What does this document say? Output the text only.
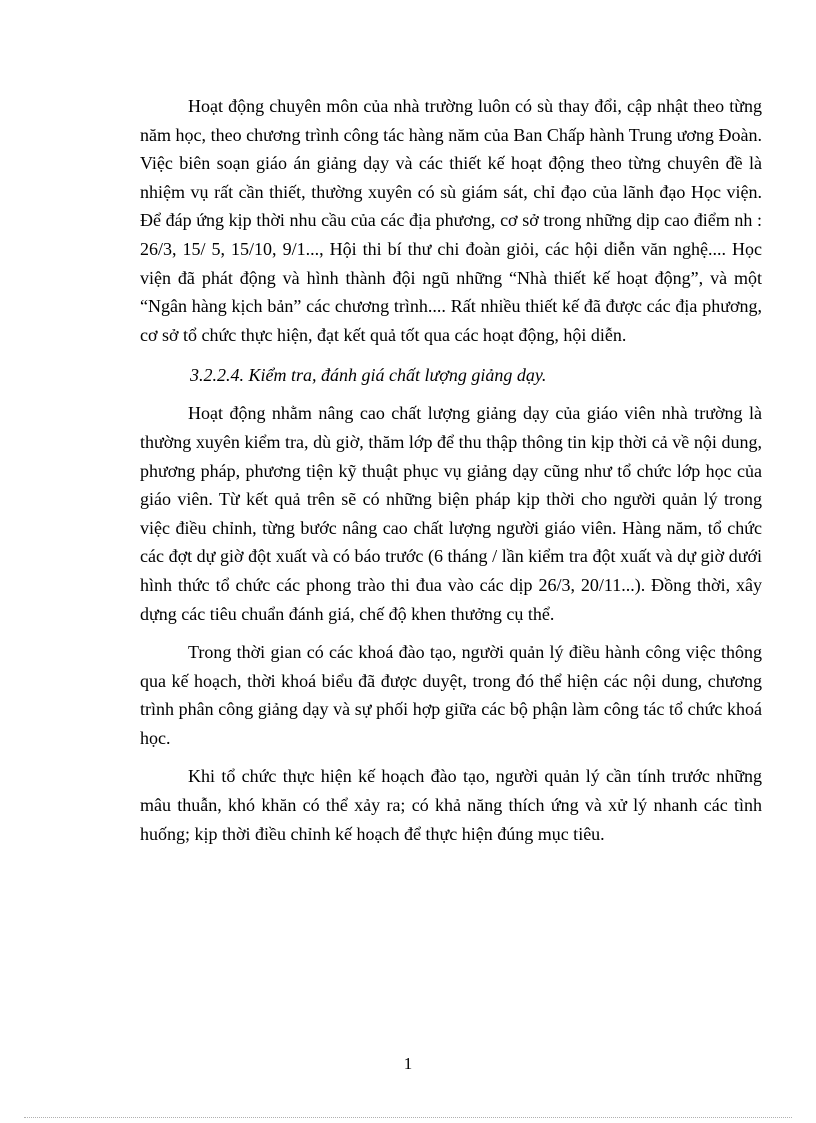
Hoạt động chuyên môn của nhà trường luôn có sù thay đổi, cập nhật theo từng năm học, theo chương trình công tác hàng năm của Ban Chấp hành Trung ương Đoàn. Việc biên soạn giáo án giảng dạy và các thiết kế hoạt động theo từng chuyên đề là nhiệm vụ rất cần thiết, thường xuyên có sù giám sát, chỉ đạo của lãnh đạo Học viện. Để đáp ứng kịp thời nhu cầu của các địa phương, cơ sở trong những dịp cao điểm nh : 26/3, 15/ 5, 15/10, 9/1..., Hội thi bí thư chi đoàn giỏi, các hội diễn văn nghệ.... Học viện đã phát động và hình thành đội ngũ những “Nhà thiết kế hoạt động”, và một “Ngân hàng kịch bản” các chương trình.... Rất nhiều thiết kế đã được các địa phương, cơ sở tổ chức thực hiện, đạt kết quả tốt qua các hoạt động, hội diễn.

3.2.2.4. Kiểm tra, đánh giá chất lượng giảng dạy.

Hoạt động nhằm nâng cao chất lượng giảng dạy của giáo viên nhà trường là thường xuyên kiểm tra, dù giờ, thăm lớp để thu thập thông tin kịp thời cả về nội dung, phương pháp, phương tiện kỹ thuật phục vụ giảng dạy cũng như tổ chức lớp học của giáo viên. Từ kết quả trên sẽ có những biện pháp kịp thời cho người quản lý trong việc điều chỉnh, từng bước nâng cao chất lượng người giáo viên. Hàng năm, tổ chức các đợt dự giờ đột xuất và có báo trước (6 tháng / lần kiểm tra đột xuất và dự giờ dưới hình thức tổ chức các phong trào thi đua vào các dịp 26/3, 20/11...). Đồng thời, xây dựng các tiêu chuẩn đánh giá, chế độ khen thưởng cụ thể.

Trong thời gian có các khoá đào tạo, người quản lý điều hành công việc thông qua kế hoạch, thời khoá biểu đã được duyệt, trong đó thể hiện các nội dung, chương trình phân công giảng dạy và sự phối hợp giữa các bộ phận làm công tác tổ chức khoá học.

Khi tổ chức thực hiện kế hoạch đào tạo, người quản lý cần tính trước những mâu thuẫn, khó khăn có thể xảy ra; có khả năng thích ứng và xử lý nhanh các tình huống; kịp thời điều chỉnh kế hoạch để thực hiện đúng mục tiêu.

1
